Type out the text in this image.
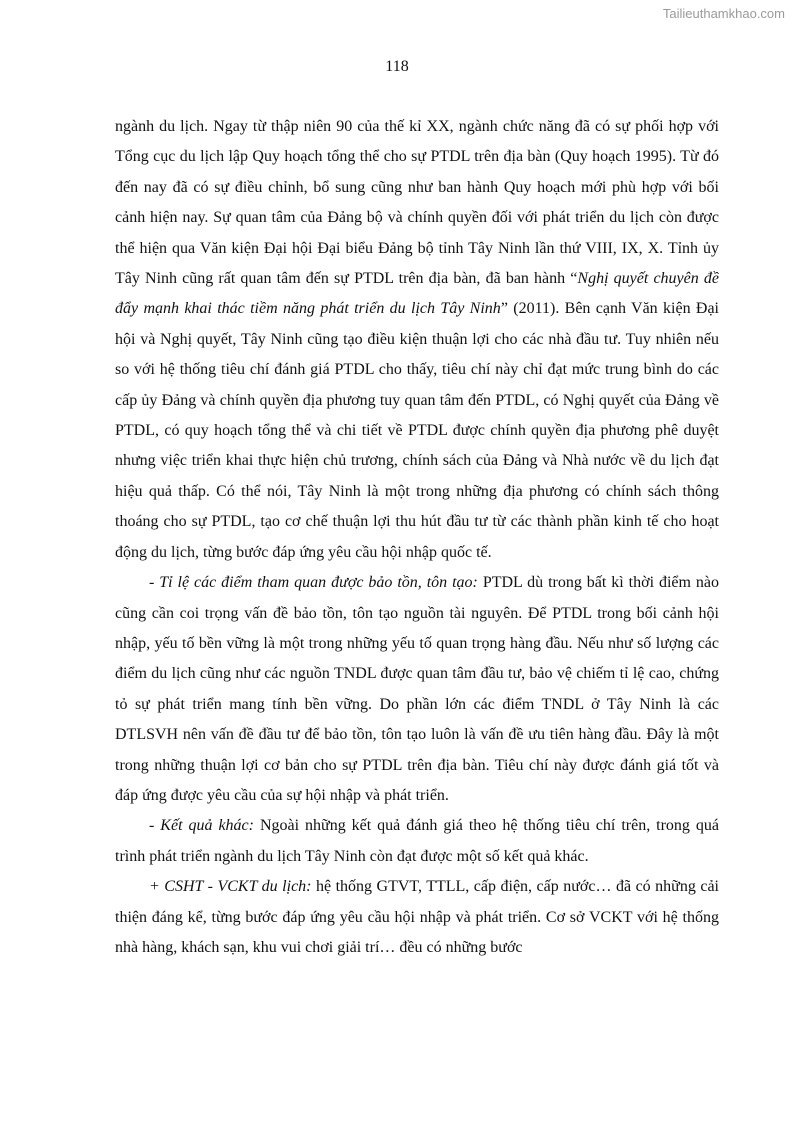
Tailieuthamkhao.com
118

ngành du lịch. Ngay từ thập niên 90 của thế kỉ XX, ngành chức năng đã có sự phối hợp với Tổng cục du lịch lập Quy hoạch tổng thể cho sự PTDL trên địa bàn (Quy hoạch 1995). Từ đó đến nay đã có sự điều chỉnh, bổ sung cũng như ban hành Quy hoạch mới phù hợp với bối cảnh hiện nay. Sự quan tâm của Đảng bộ và chính quyền đối với phát triển du lịch còn được thể hiện qua Văn kiện Đại hội Đại biểu Đảng bộ tỉnh Tây Ninh lần thứ VIII, IX, X. Tỉnh ủy Tây Ninh cũng rất quan tâm đến sự PTDL trên địa bàn, đã ban hành “Nghị quyết chuyên đề đẩy mạnh khai thác tiềm năng phát triển du lịch Tây Ninh” (2011). Bên cạnh Văn kiện Đại hội và Nghị quyết, Tây Ninh cũng tạo điều kiện thuận lợi cho các nhà đầu tư. Tuy nhiên nếu so với hệ thống tiêu chí đánh giá PTDL cho thấy, tiêu chí này chỉ đạt mức trung bình do các cấp ủy Đảng và chính quyền địa phương tuy quan tâm đến PTDL, có Nghị quyết của Đảng về PTDL, có quy hoạch tổng thể và chi tiết về PTDL được chính quyền địa phương phê duyệt nhưng việc triển khai thực hiện chủ trương, chính sách của Đảng và Nhà nước về du lịch đạt hiệu quả thấp. Có thể nói, Tây Ninh là một trong những địa phương có chính sách thông thoáng cho sự PTDL, tạo cơ chế thuận lợi thu hút đầu tư từ các thành phần kinh tế cho hoạt động du lịch, từng bước đáp ứng yêu cầu hội nhập quốc tế.

- Tỉ lệ các điểm tham quan được bảo tồn, tôn tạo: PTDL dù trong bất kì thời điểm nào cũng cần coi trọng vấn đề bảo tồn, tôn tạo nguồn tài nguyên. Để PTDL trong bối cảnh hội nhập, yếu tố bền vững là một trong những yếu tố quan trọng hàng đầu. Nếu như số lượng các điểm du lịch cũng như các nguồn TNDL được quan tâm đầu tư, bảo vệ chiếm tỉ lệ cao, chứng tỏ sự phát triển mang tính bền vững. Do phần lớn các điểm TNDL ở Tây Ninh là các DTLSVH nên vấn đề đầu tư để bảo tồn, tôn tạo luôn là vấn đề ưu tiên hàng đầu. Đây là một trong những thuận lợi cơ bản cho sự PTDL trên địa bàn. Tiêu chí này được đánh giá tốt và đáp ứng được yêu cầu của sự hội nhập và phát triển.

- Kết quả khác: Ngoài những kết quả đánh giá theo hệ thống tiêu chí trên, trong quá trình phát triển ngành du lịch Tây Ninh còn đạt được một số kết quả khác.

+ CSHT - VCKT du lịch: hệ thống GTVT, TTLL, cấp điện, cấp nước… đã có những cải thiện đáng kể, từng bước đáp ứng yêu cầu hội nhập và phát triển. Cơ sở VCKT với hệ thống nhà hàng, khách sạn, khu vui chơi giải trí… đều có những bước
